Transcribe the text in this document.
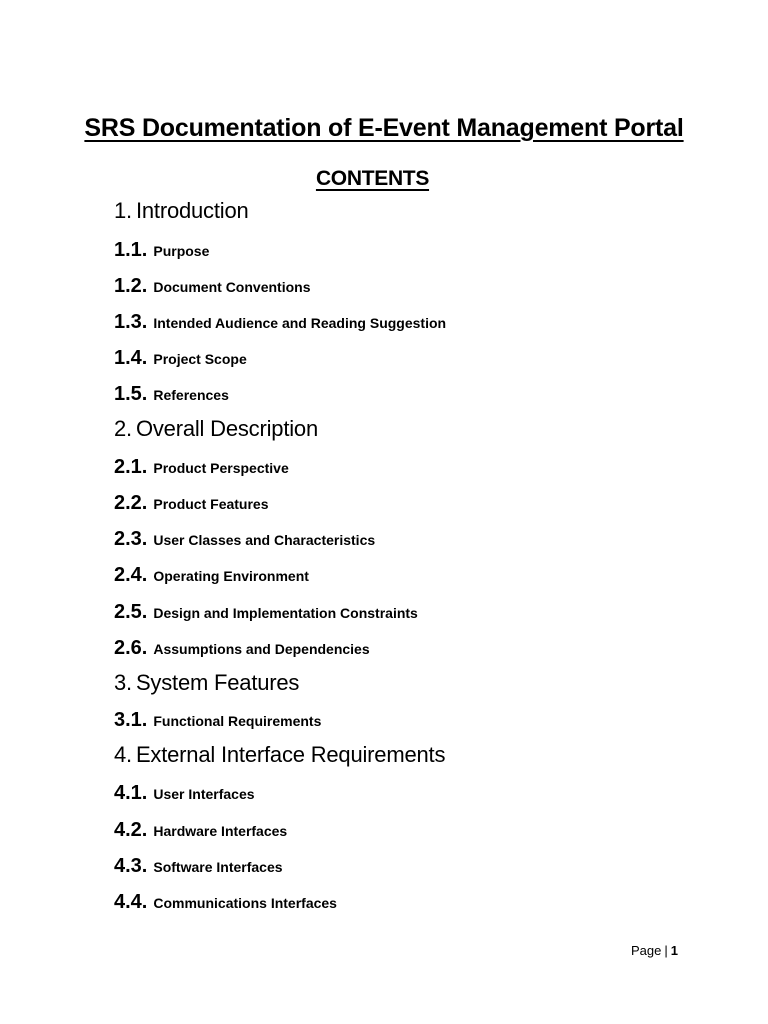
SRS Documentation of E-Event Management Portal
CONTENTS
1. Introduction
1.1. Purpose
1.2. Document Conventions
1.3. Intended Audience and Reading Suggestion
1.4. Project Scope
1.5. References
2. Overall Description
2.1. Product Perspective
2.2. Product Features
2.3. User Classes and Characteristics
2.4. Operating Environment
2.5. Design and Implementation Constraints
2.6. Assumptions and Dependencies
3. System Features
3.1. Functional Requirements
4. External Interface Requirements
4.1. User Interfaces
4.2. Hardware Interfaces
4.3. Software Interfaces
4.4. Communications Interfaces
Page | 1
